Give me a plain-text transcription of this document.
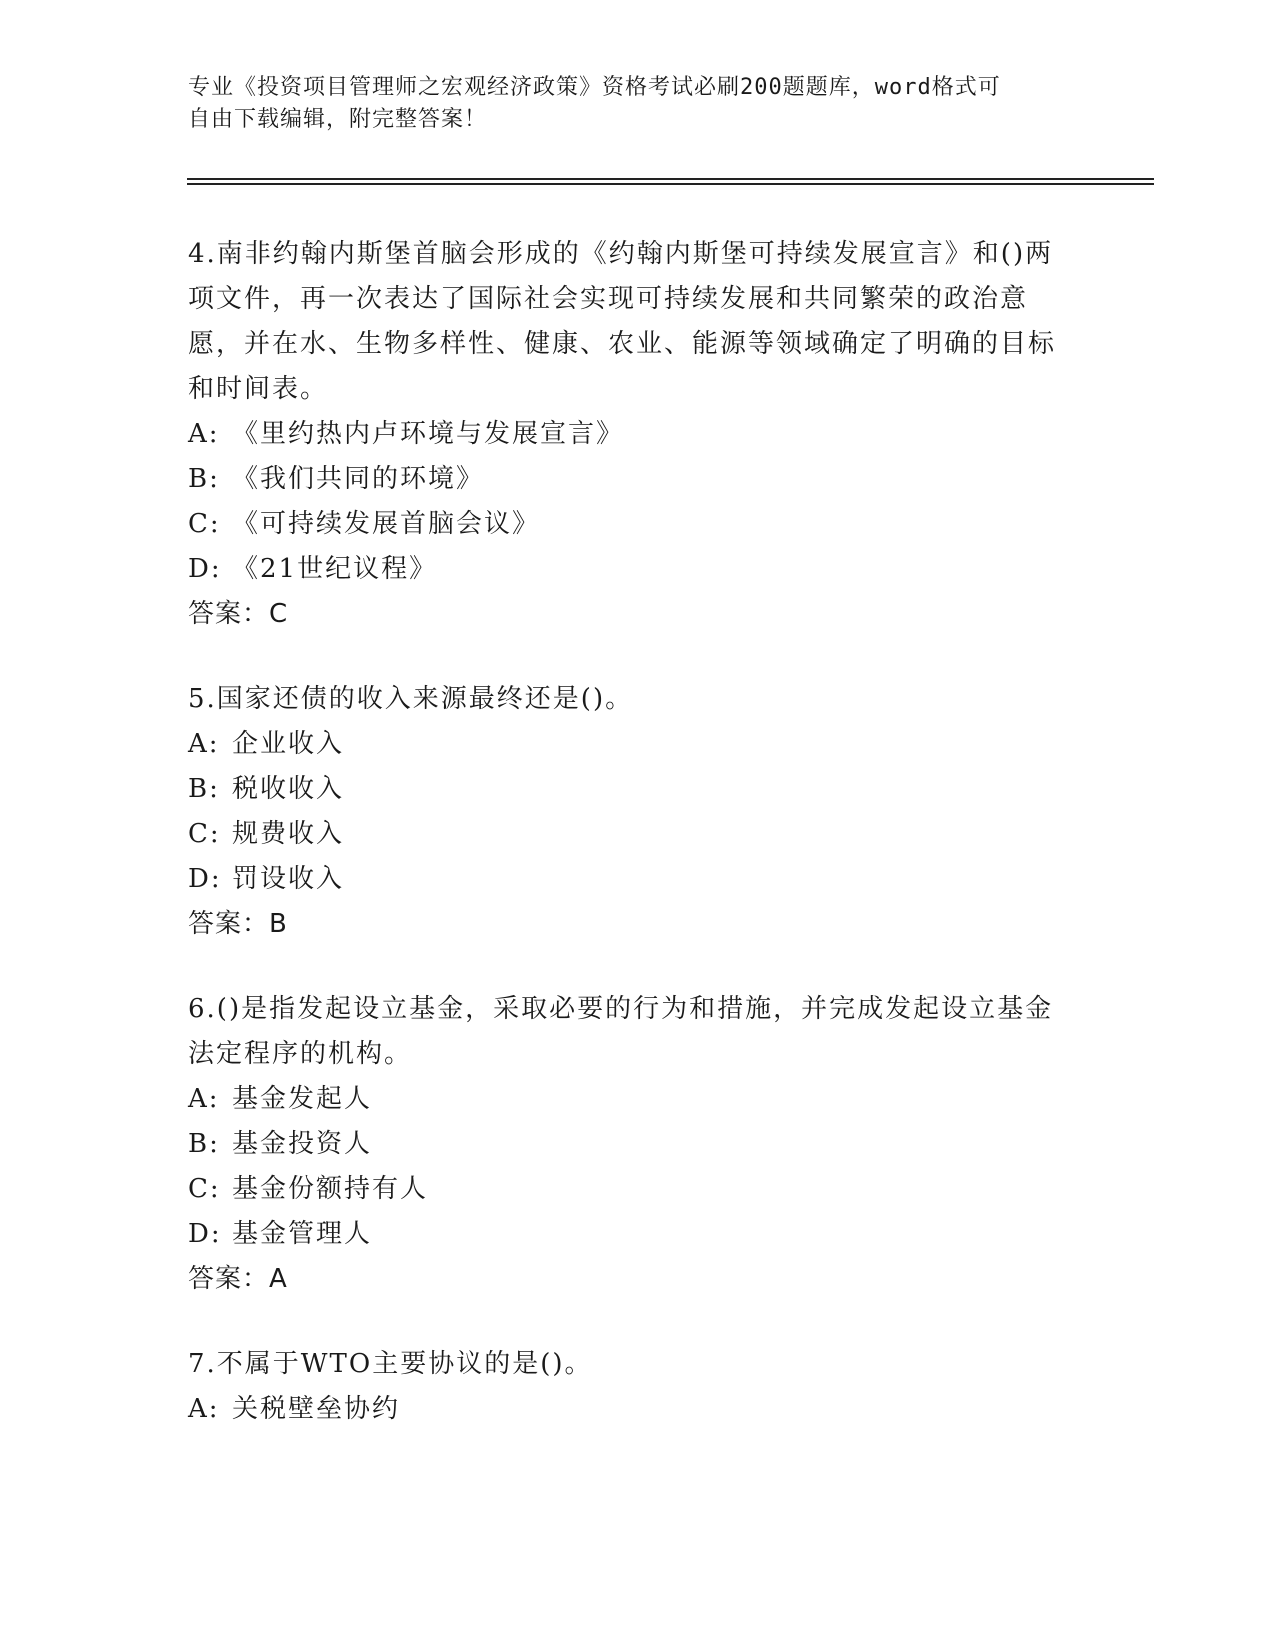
专业《投资项目管理师之宏观经济政策》资格考试必刷200题题库，word格式可
自由下载编辑，附完整答案！
4.南非约翰内斯堡首脑会形成的《约翰内斯堡可持续发展宣言》和()两项文件，再一次表达了国际社会实现可持续发展和共同繁荣的政治意愿，并在水、生物多样性、健康、农业、能源等领域确定了明确的目标和时间表。
A: 《里约热内卢环境与发展宣言》
B: 《我们共同的环境》
C: 《可持续发展首脑会议》
D: 《21世纪议程》
答案：C
5.国家还债的收入来源最终还是()。
A: 企业收入
B: 税收收入
C: 规费收入
D: 罚设收入
答案：B
6.()是指发起设立基金，采取必要的行为和措施，并完成发起设立基金法定程序的机构。
A: 基金发起人
B: 基金投资人
C: 基金份额持有人
D: 基金管理人
答案：A
7.不属于WTO主要协议的是()。
A: 关税壁垒协约
